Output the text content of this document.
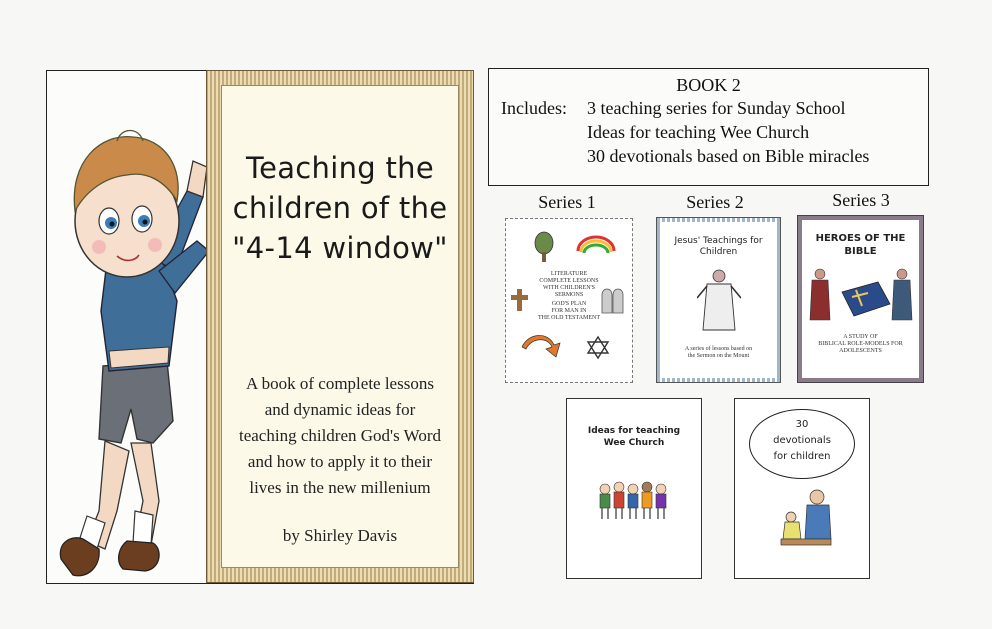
Teaching the
children of the
"4-14 window"
A book of complete lessons
and dynamic ideas for
teaching children God's Word
and how to apply it to their
lives in the new millenium
by Shirley Davis
BOOK 2
Includes: 3 teaching series for Sunday School
Ideas for teaching Wee Church
30 devotionals based on Bible miracles
Series 1	Series 2	Series 3
LITERATURE
COMPLETE LESSONS
WITH CHILDREN'S
SERMONS
GOD'S PLAN
FOR MAN IN
THE OLD TESTAMENT
Jesus' Teachings for
Children
A series of lessons based on
the Sermon on the Mount
HEROES OF THE
BIBLE
A STUDY OF
BIBLICAL ROLE-MODELS FOR
ADOLESCENTS
Ideas for teaching
Wee Church
30
devotionals
for children
